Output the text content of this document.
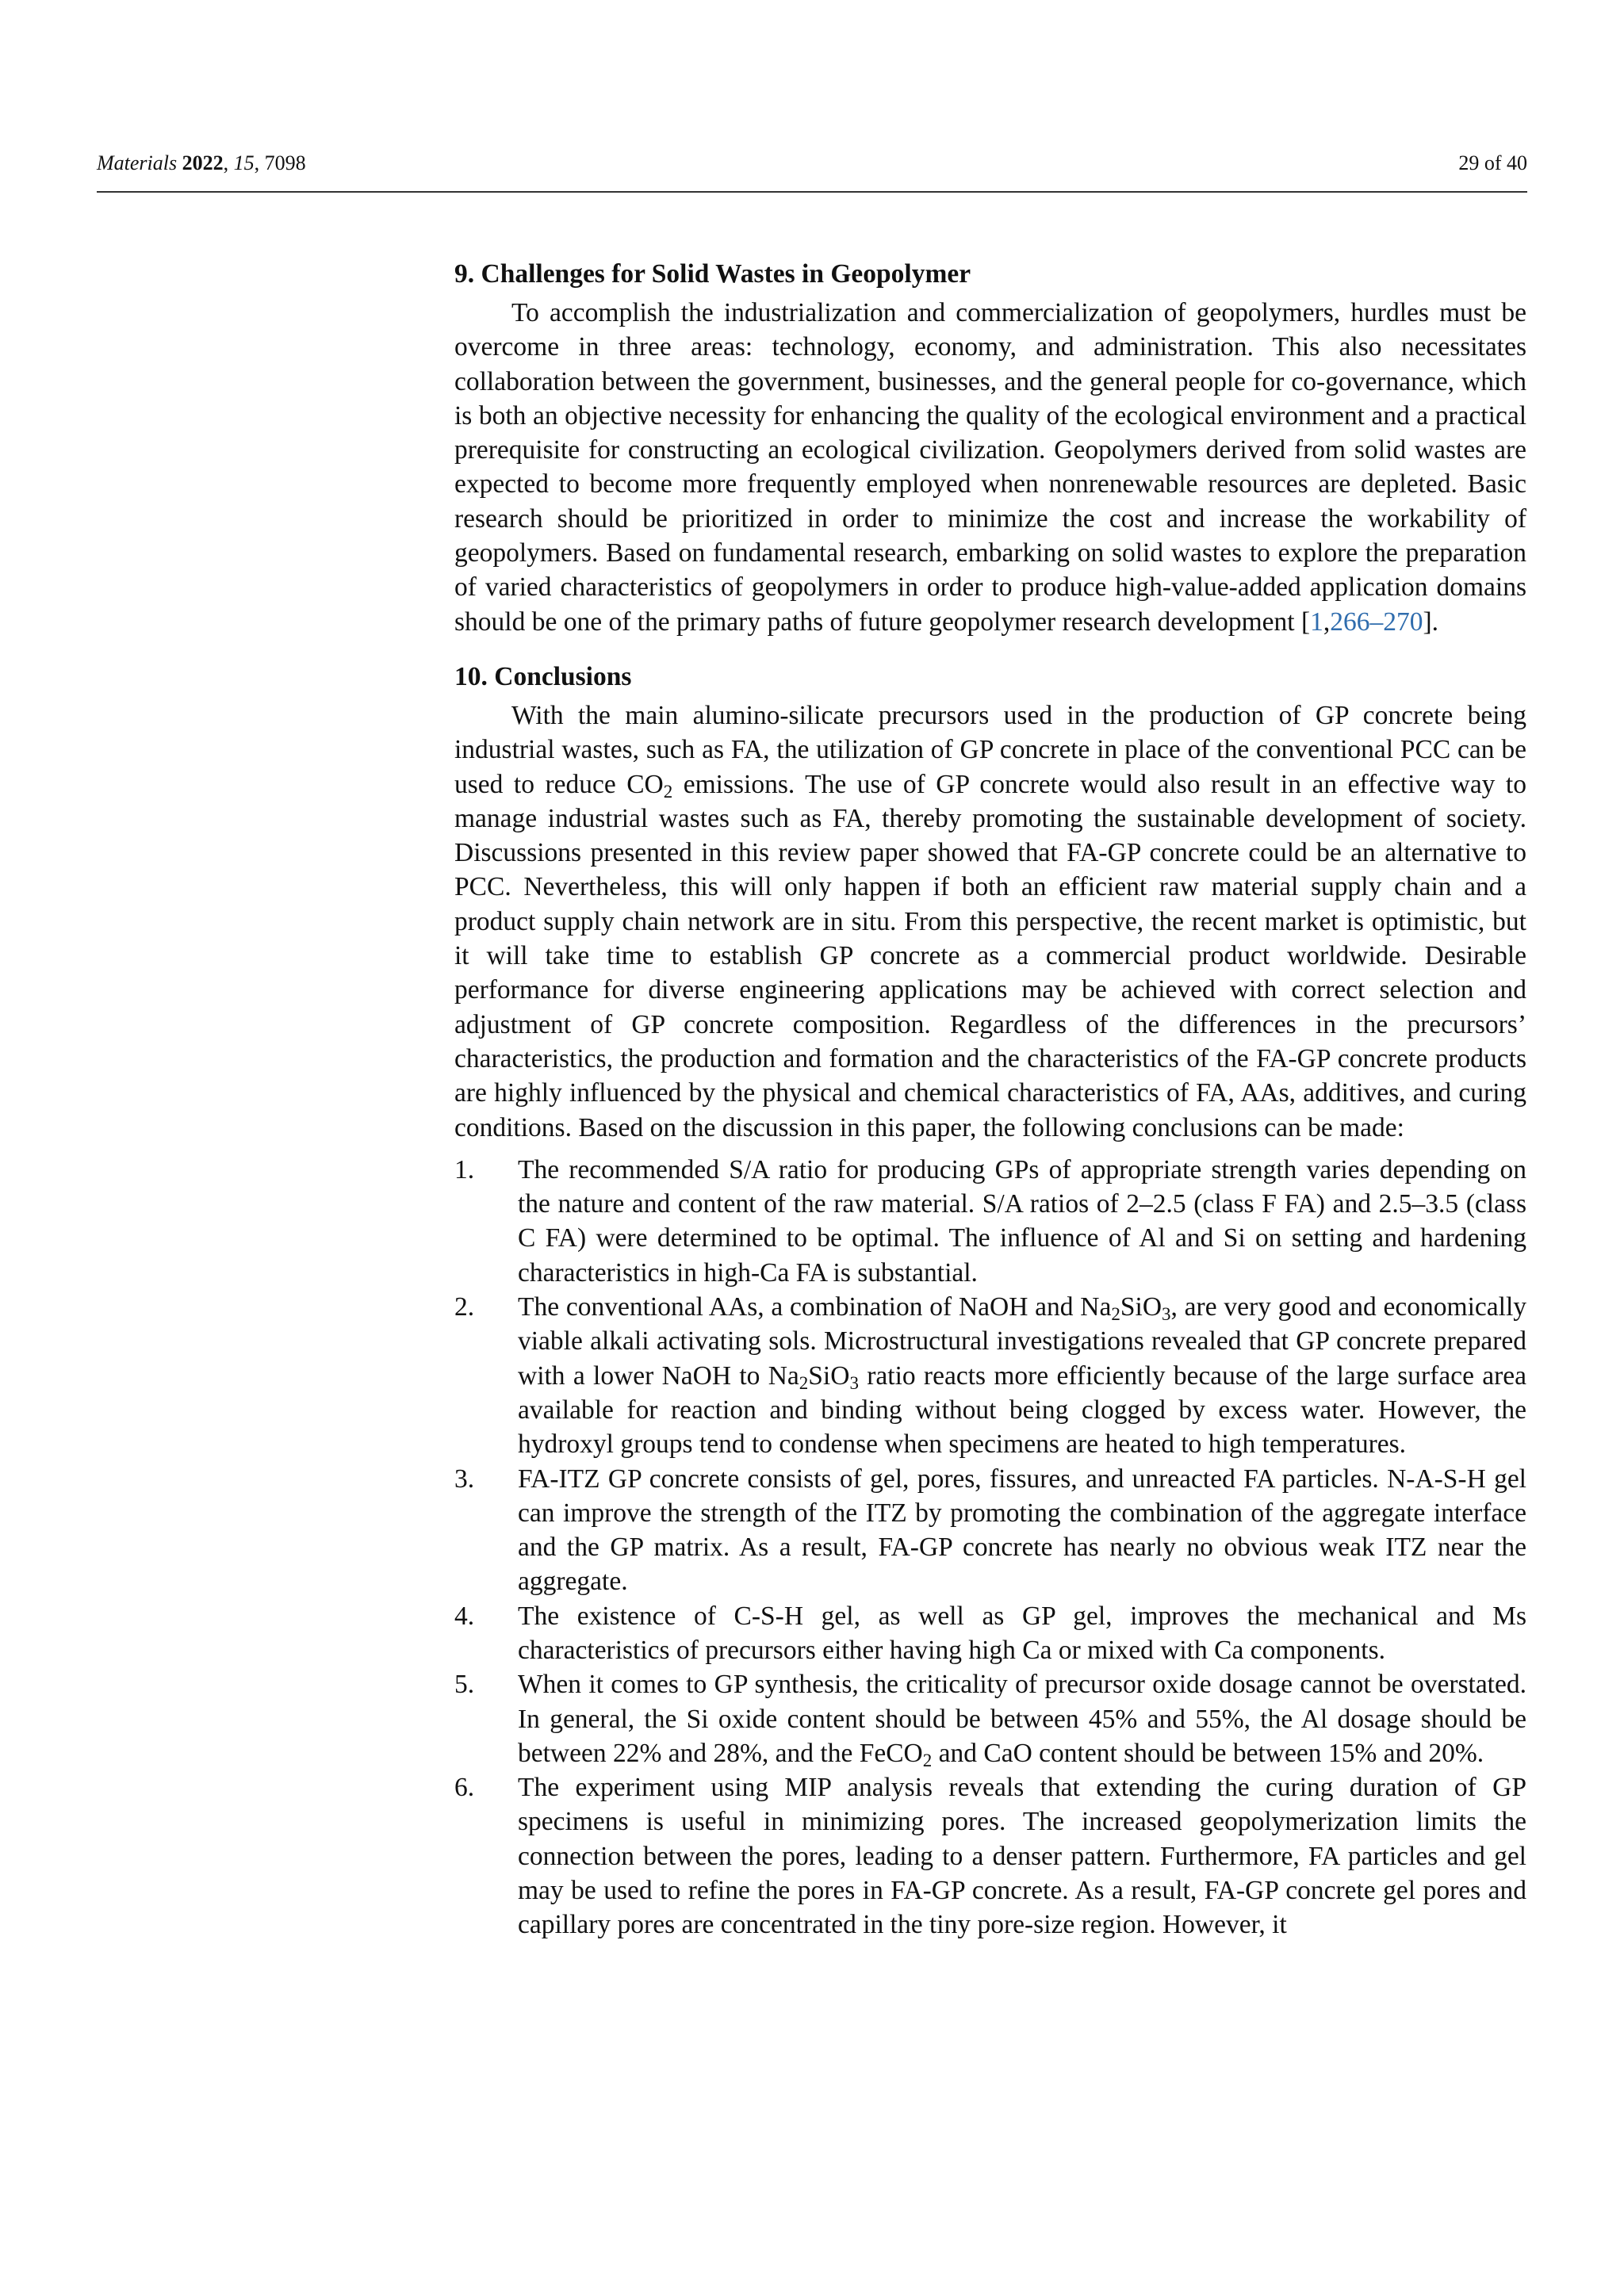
Materials 2022, 15, 7098	29 of 40
9. Challenges for Solid Wastes in Geopolymer

To accomplish the industrialization and commercialization of geopolymers, hurdles must be overcome in three areas: technology, economy, and administration. This also necessitates collaboration between the government, businesses, and the general people for co-governance, which is both an objective necessity for enhancing the quality of the ecological environment and a practical prerequisite for constructing an ecological civilization. Geopolymers derived from solid wastes are expected to become more frequently employed when nonrenewable resources are depleted. Basic research should be prioritized in order to minimize the cost and increase the workability of geopolymers. Based on fundamental research, embarking on solid wastes to explore the preparation of varied characteristics of geopolymers in order to produce high-value-added application domains should be one of the primary paths of future geopolymer research development [1,266–270].

10. Conclusions

With the main alumino-silicate precursors used in the production of GP concrete being industrial wastes, such as FA, the utilization of GP concrete in place of the conventional PCC can be used to reduce $CO_2$ emissions. The use of GP concrete would also result in an effective way to manage industrial wastes such as FA, thereby promoting the sustainable development of society. Discussions presented in this review paper showed that FA-GP concrete could be an alternative to PCC. Nevertheless, this will only happen if both an efficient raw material supply chain and a product supply chain network are in situ. From this perspective, the recent market is optimistic, but it will take time to establish GP concrete as a commercial product worldwide. Desirable performance for diverse engineering applications may be achieved with correct selection and adjustment of GP concrete composition. Regardless of the differences in the precursors’ characteristics, the production and formation and the characteristics of the FA-GP concrete products are highly influenced by the physical and chemical characteristics of FA, AAs, additives, and curing conditions. Based on the discussion in this paper, the following conclusions can be made:

1.	The recommended S/A ratio for producing GPs of appropriate strength varies depending on the nature and content of the raw material. S/A ratios of 2–2.5 (class F FA) and 2.5–3.5 (class C FA) were determined to be optimal. The influence of Al and Si on setting and hardening characteristics in high-Ca FA is substantial.
2.	The conventional AAs, a combination of NaOH and $Na_2SiO_3$, are very good and economically viable alkali activating sols. Microstructural investigations revealed that GP concrete prepared with a lower NaOH to $Na_2SiO_3$ ratio reacts more efficiently because of the large surface area available for reaction and binding without being clogged by excess water. However, the hydroxyl groups tend to condense when specimens are heated to high temperatures.
3.	FA-ITZ GP concrete consists of gel, pores, fissures, and unreacted FA particles. N-A-S-H gel can improve the strength of the ITZ by promoting the combination of the aggregate interface and the GP matrix. As a result, FA-GP concrete has nearly no obvious weak ITZ near the aggregate.
4.	The existence of C-S-H gel, as well as GP gel, improves the mechanical and Ms characteristics of precursors either having high Ca or mixed with Ca components.
5.	When it comes to GP synthesis, the criticality of precursor oxide dosage cannot be overstated. In general, the Si oxide content should be between 45% and 55%, the Al dosage should be between 22% and 28%, and the FeCO$_2$ and CaO content should be between 15% and 20%.
6.	The experiment using MIP analysis reveals that extending the curing duration of GP specimens is useful in minimizing pores. The increased geopolymerization limits the connection between the pores, leading to a denser pattern. Furthermore, FA particles and gel may be used to refine the pores in FA-GP concrete. As a result, FA-GP concrete gel pores and capillary pores are concentrated in the tiny pore-size region. However, it
